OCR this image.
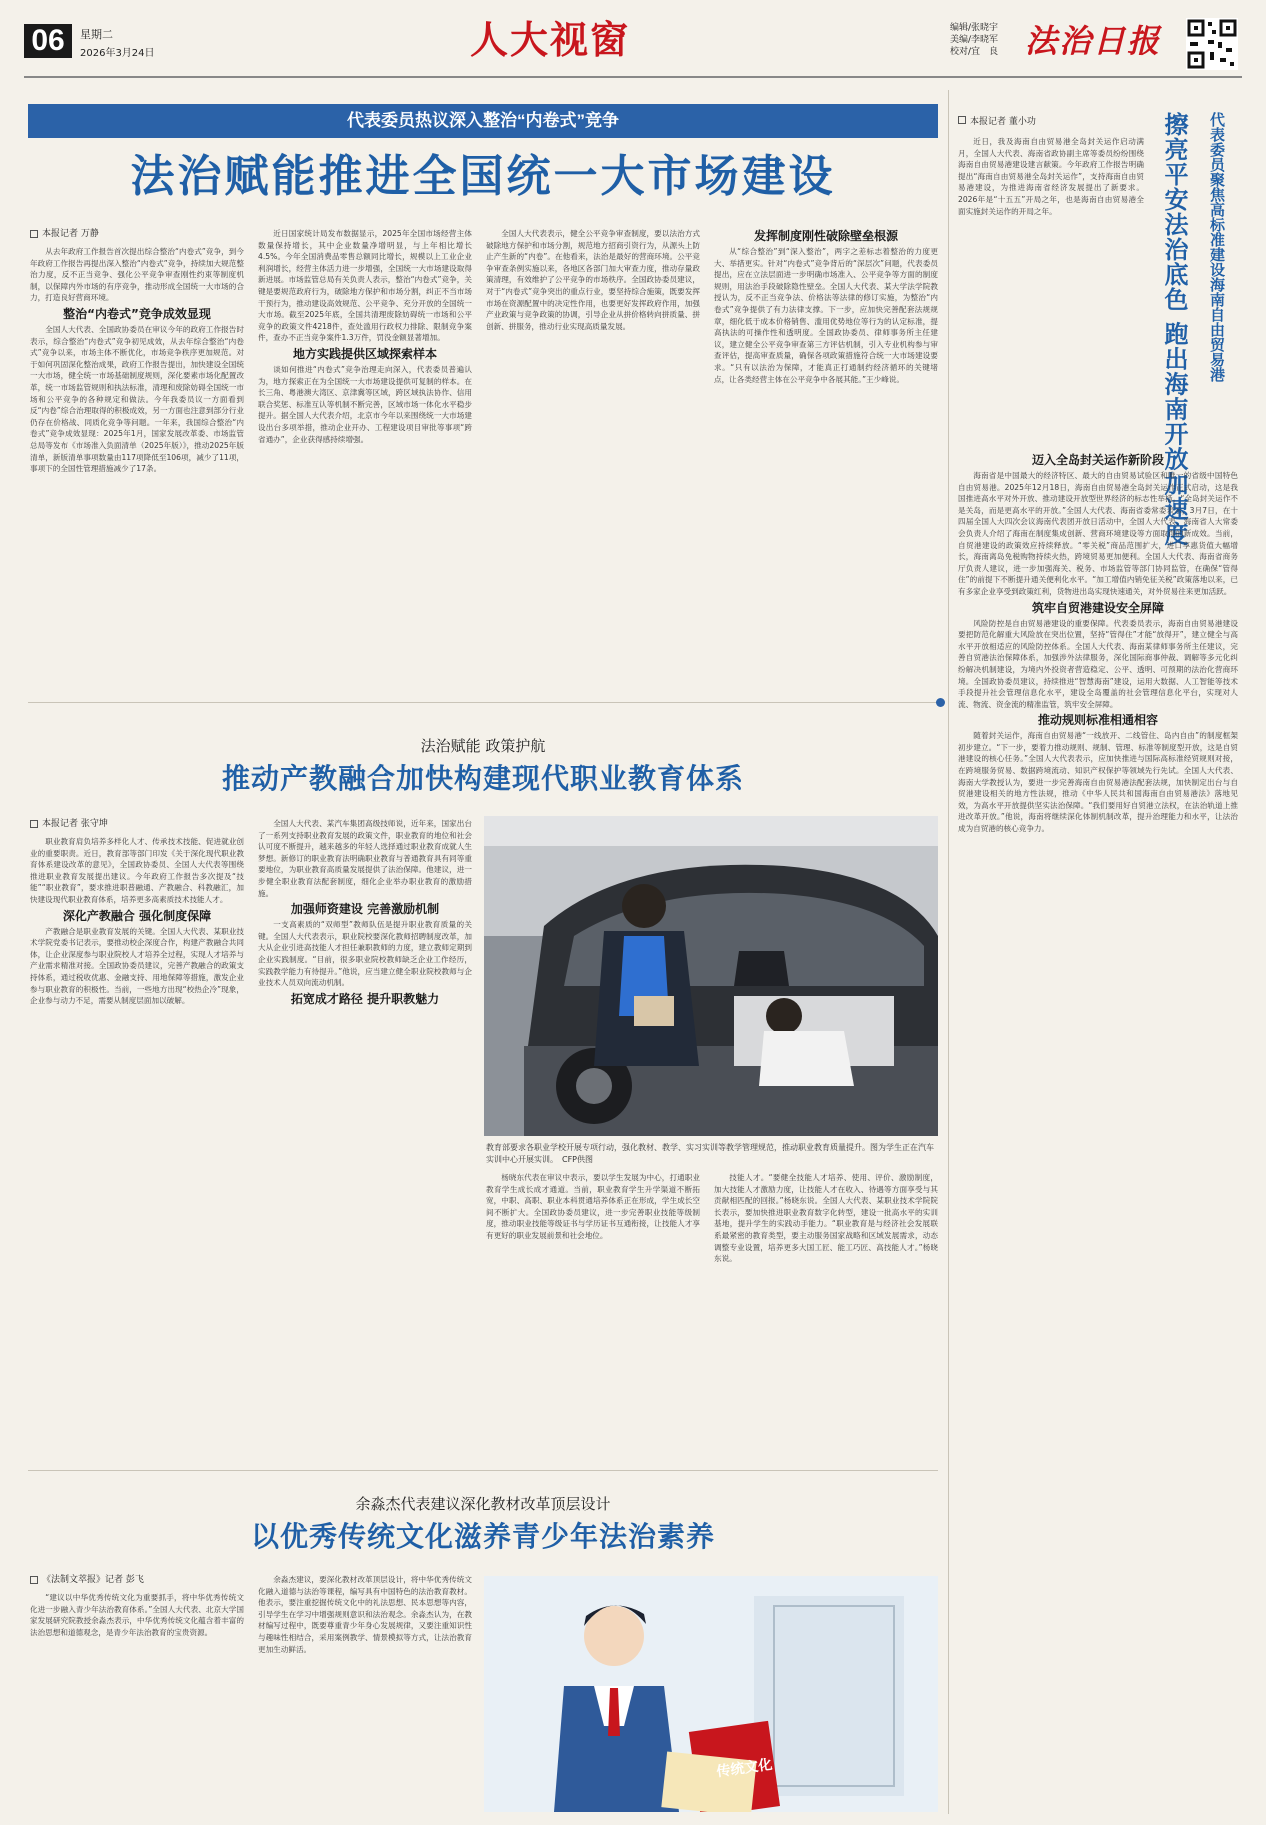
06	星期二
2026年3月24日	人大视窗	编辑/张晓宇
美编/李晓军
校对/宜　良 法治日报
代表委员热议深入整治“内卷式”竞争
法治赋能推进全国统一大市场建设
本报记者 万静

从去年政府工作报告首次提出综合整治“内卷式”竞争，到今年政府工作报告再提出深入整治“内卷式”竞争，持续加大规范整治力度，反不正当竞争、强化公平竞争审查刚性约束等制度机制，以保障内外市场的有序竞争，推动形成全国统一大市场的合力，打造良好营商环境。

整治“内卷式”竞争成效显现

全国人大代表、全国政协委员在审议今年的政府工作报告时表示，综合整治“内卷式”竞争初见成效，从去年综合整治“内卷式”竞争以来，市场主体不断优化，市场竞争秩序更加规范。对于如何巩固深化整治成果，政府工作报告提出，加快建设全国统一大市场，健全统一市场基础制度规则，深化要素市场化配置改革，统一市场监管规则和执法标准，清理和废除妨碍全国统一市场和公平竞争的各种规定和做法。今年我委员议一方面看到反“内卷”综合治理取得的积极成效，另一方面也注意到部分行业仍存在价格战、同质化竞争等问题。一年来，我国综合整治“内卷式”竞争成效显现：2025年1月，国家发展改革委、市场监管总局等发布《市场准入负面清单（2025年版）》，推动2025年版清单，新版清单事项数量由117项降低至106项，减少了11项，事项下的全国性管理措施减少了17条。

近日国家统计局发布数据显示，2025年全国市场经营主体数量保持增长，其中企业数量净增明显，与上年相比增长4.5%。今年全国消费品零售总额同比增长，规模以上工业企业利润增长，经营主体活力进一步增强，全国统一大市场建设取得新进展。市场监管总局有关负责人表示，整治“内卷式”竞争，关键是要规范政府行为，破除地方保护和市场分割，纠正不当市场干预行为，推动建设高效规范、公平竞争、充分开放的全国统一大市场。截至2025年底，全国共清理废除妨碍统一市场和公平竞争的政策文件4218件，查处滥用行政权力排除、限制竞争案件，查办不正当竞争案件1.3万件，罚没金额显著增加。

地方实践提供区域探索样本

谈如何推进“内卷式”竞争治理走向深入，代表委员普遍认为，地方探索正在为全国统一大市场建设提供可复制的样本。在长三角、粤港澳大湾区、京津冀等区域，跨区域执法协作、信用联合奖惩、标准互认等机制不断完善，区域市场一体化水平稳步提升。据全国人大代表介绍，北京市今年以来围绕统一大市场建设出台多项举措，推动企业开办、工程建设项目审批等事项“跨省通办”，企业获得感持续增强。

全国人大代表表示，健全公平竞争审查制度，要以法治方式破除地方保护和市场分割，规范地方招商引资行为，从源头上防止产生新的“内卷”。在他看来，法治是最好的营商环境。公平竞争审查条例实施以来，各地区各部门加大审查力度，推动存量政策清理，有效维护了公平竞争的市场秩序。全国政协委员建议，对于“内卷式”竞争突出的重点行业，要坚持综合施策，既要发挥市场在资源配置中的决定性作用，也要更好发挥政府作用，加强产业政策与竞争政策的协调，引导企业从拼价格转向拼质量、拼创新、拼服务，推动行业实现高质量发展。

发挥制度刚性破除壁垒根源

从“综合整治”到“深入整治”，两字之差标志着整治的力度更大、举措更实。针对“内卷式”竞争背后的“深层次”问题，代表委员提出，应在立法层面进一步明确市场准入、公平竞争等方面的制度规则，用法治手段破除隐性壁垒。全国人大代表、某大学法学院教授认为，反不正当竞争法、价格法等法律的修订实施，为整治“内卷式”竞争提供了有力法律支撑。下一步，应加快完善配套法规规章，细化低于成本价格销售、滥用优势地位等行为的认定标准，提高执法的可操作性和透明度。全国政协委员、律师事务所主任建议，建立健全公平竞争审查第三方评估机制，引入专业机构参与审查评估，提高审查质量，确保各项政策措施符合统一大市场建设要求。“只有以法治为保障，才能真正打通制约经济循环的关键堵点，让各类经营主体在公平竞争中各展其能。”王少峰说。

法治赋能 政策护航
推动产教融合加快构建现代职业教育体系
本报记者 张守坤

职业教育肩负培养多样化人才、传承技术技能、促进就业创业的重要职责。近日，教育部等部门印发《关于深化现代职业教育体系建设改革的意见》，全国政协委员、全国人大代表等围绕推进职业教育发展提出建议。今年政府工作报告多次提及“技能”“职业教育”，要求推进职普融通、产教融合、科教融汇，加快建设现代职业教育体系，培养更多高素质技术技能人才。

深化产教融合 强化制度保障

产教融合是职业教育发展的关键。全国人大代表、某职业技术学院党委书记表示，要推动校企深度合作，构建产教融合共同体，让企业深度参与职业院校人才培养全过程，实现人才培养与产业需求精准对接。全国政协委员建议，完善产教融合的政策支持体系，通过税收优惠、金融支持、用地保障等措施，激发企业参与职业教育的积极性。当前，一些地方出现“校热企冷”现象，企业参与动力不足，需要从制度层面加以破解。

全国人大代表、某汽车集团高级技师说，近年来，国家出台了一系列支持职业教育发展的政策文件，职业教育的地位和社会认可度不断提升，越来越多的年轻人选择通过职业教育成就人生梦想。新修订的职业教育法明确职业教育与普通教育具有同等重要地位，为职业教育高质量发展提供了法治保障。他建议，进一步健全职业教育法配套制度，细化企业举办职业教育的激励措施。

加强师资建设 完善激励机制

一支高素质的“双师型”教师队伍是提升职业教育质量的关键。全国人大代表表示，职业院校要深化教师招聘制度改革，加大从企业引进高技能人才担任兼职教师的力度，建立教师定期到企业实践制度。“目前，很多职业院校教师缺乏企业工作经历，实践教学能力有待提升。”他说，应当建立健全职业院校教师与企业技术人员双向流动机制。

拓宽成才路径 提升职教魅力

教育部要求各职业学校开展专项行动，强化教材、教学、实习实训等教学管理规范，推动职业教育质量提升。图为学生正在汽车实训中心开展实训。　CFP供图

杨晓东代表在审议中表示，要以学生发展为中心，打通职业教育学生成长成才通道。当前，职业教育学生升学渠道不断拓宽，中职、高职、职业本科贯通培养体系正在形成，学生成长空间不断扩大。全国政协委员建议，进一步完善职业技能等级制度，推动职业技能等级证书与学历证书互通衔接，让技能人才享有更好的职业发展前景和社会地位。

技能人才。“要健全技能人才培养、使用、评价、激励制度，加大技能人才激励力度，让技能人才在收入、待遇等方面享受与其贡献相匹配的回报。”杨晓东说。全国人大代表、某职业技术学院院长表示，要加快推进职业教育数字化转型，建设一批高水平的实训基地，提升学生的实践动手能力。“职业教育是与经济社会发展联系最紧密的教育类型，要主动服务国家战略和区域发展需求，动态调整专业设置，培养更多大国工匠、能工巧匠、高技能人才。”杨晓东说。

余淼杰代表建议深化教材改革顶层设计
以优秀传统文化滋养青少年法治素养
《法制文萃报》记者 彭飞

“建议以中华优秀传统文化为重要抓手，将中华优秀传统文化进一步融入青少年法治教育体系。”全国人大代表、北京大学国家发展研究院教授余淼杰表示，中华优秀传统文化蕴含着丰富的法治思想和道德观念，是青少年法治教育的宝贵资源。

余淼杰建议，要深化教材改革顶层设计，将中华优秀传统文化融入道德与法治等课程，编写具有中国特色的法治教育教材。他表示，要注重挖掘传统文化中的礼法思想、民本思想等内容，引导学生在学习中增强规则意识和法治观念。余淼杰认为，在教材编写过程中，既要尊重青少年身心发展规律，又要注重知识性与趣味性相结合，采用案例教学、情景模拟等方式，让法治教育更加生动鲜活。

传统文化
本报记者 董小功	代表委员聚焦高标准建设海南自由贸易港
擦亮平安法治底色 跑出海南开放加速度

近日，我及海南自由贸易港全岛封关运作启动满月，全国人大代表、海南省政协副主席等委员纷纷围绕海南自由贸易港建设建言献策。今年政府工作报告明确提出“海南自由贸易港全岛封关运作”，支持海南自由贸易港建设，为推进海南省经济发展提出了新要求。2026年是“十五五”开局之年，也是海南自由贸易港全面实施封关运作的开局之年。

迈入全岛封关运作新阶段

海南省是中国最大的经济特区、最大的自由贸易试验区和唯一的省级中国特色自由贸易港。2025年12月18日，海南自由贸易港全岛封关运作正式启动，这是我国推进高水平对外开放、推动建设开放型世界经济的标志性举措。“全岛封关运作不是关岛，而是更高水平的开放。”全国人大代表、海南省委常委表示，3月7日，在十四届全国人大四次会议海南代表团开放日活动中，全国人大代表、海南省人大常委会负责人介绍了海南在制度集成创新、营商环境建设等方面取得的新成效。当前，自贸港建设的政策效应持续释放。“零关税”商品范围扩大，进口享惠货值大幅增长，海南离岛免税购物持续火热，跨境贸易更加便利。全国人大代表、海南省商务厅负责人建议，进一步加强海关、税务、市场监管等部门协同监管，在确保“管得住”的前提下不断提升通关便利化水平。“加工增值内销免征关税”政策落地以来，已有多家企业享受到政策红利，货物进出岛实现快速通关，对外贸易往来更加活跃。

筑牢自贸港建设安全屏障

风险防控是自由贸易港建设的重要保障。代表委员表示，海南自由贸易港建设要把防范化解重大风险放在突出位置，坚持“管得住”才能“放得开”，建立健全与高水平开放相适应的风险防控体系。全国人大代表、海南某律师事务所主任建议，完善自贸港法治保障体系，加强涉外法律服务，深化国际商事仲裁、调解等多元化纠纷解决机制建设，为境内外投资者营造稳定、公平、透明、可预期的法治化营商环境。全国政协委员建议，持续推进“智慧海南”建设，运用大数据、人工智能等技术手段提升社会管理信息化水平，建设全岛覆盖的社会管理信息化平台，实现对人流、物流、资金流的精准监管，筑牢安全屏障。

推动规则标准相通相容

随着封关运作，海南自由贸易港“一线放开、二线管住、岛内自由”的制度框架初步建立。“下一步，要着力推动规则、规制、管理、标准等制度型开放，这是自贸港建设的核心任务。”全国人大代表表示，应加快推进与国际高标准经贸规则对接，在跨境服务贸易、数据跨境流动、知识产权保护等领域先行先试。全国人大代表、海南大学教授认为，要进一步完善海南自由贸易港法配套法规，加快制定出台与自贸港建设相关的地方性法规，推动《中华人民共和国海南自由贸易港法》落地见效，为高水平开放提供坚实法治保障。“我们要用好自贸港立法权，在法治轨道上推进改革开放。”他说，海南将继续深化体制机制改革，提升治理能力和水平，让法治成为自贸港的核心竞争力。
